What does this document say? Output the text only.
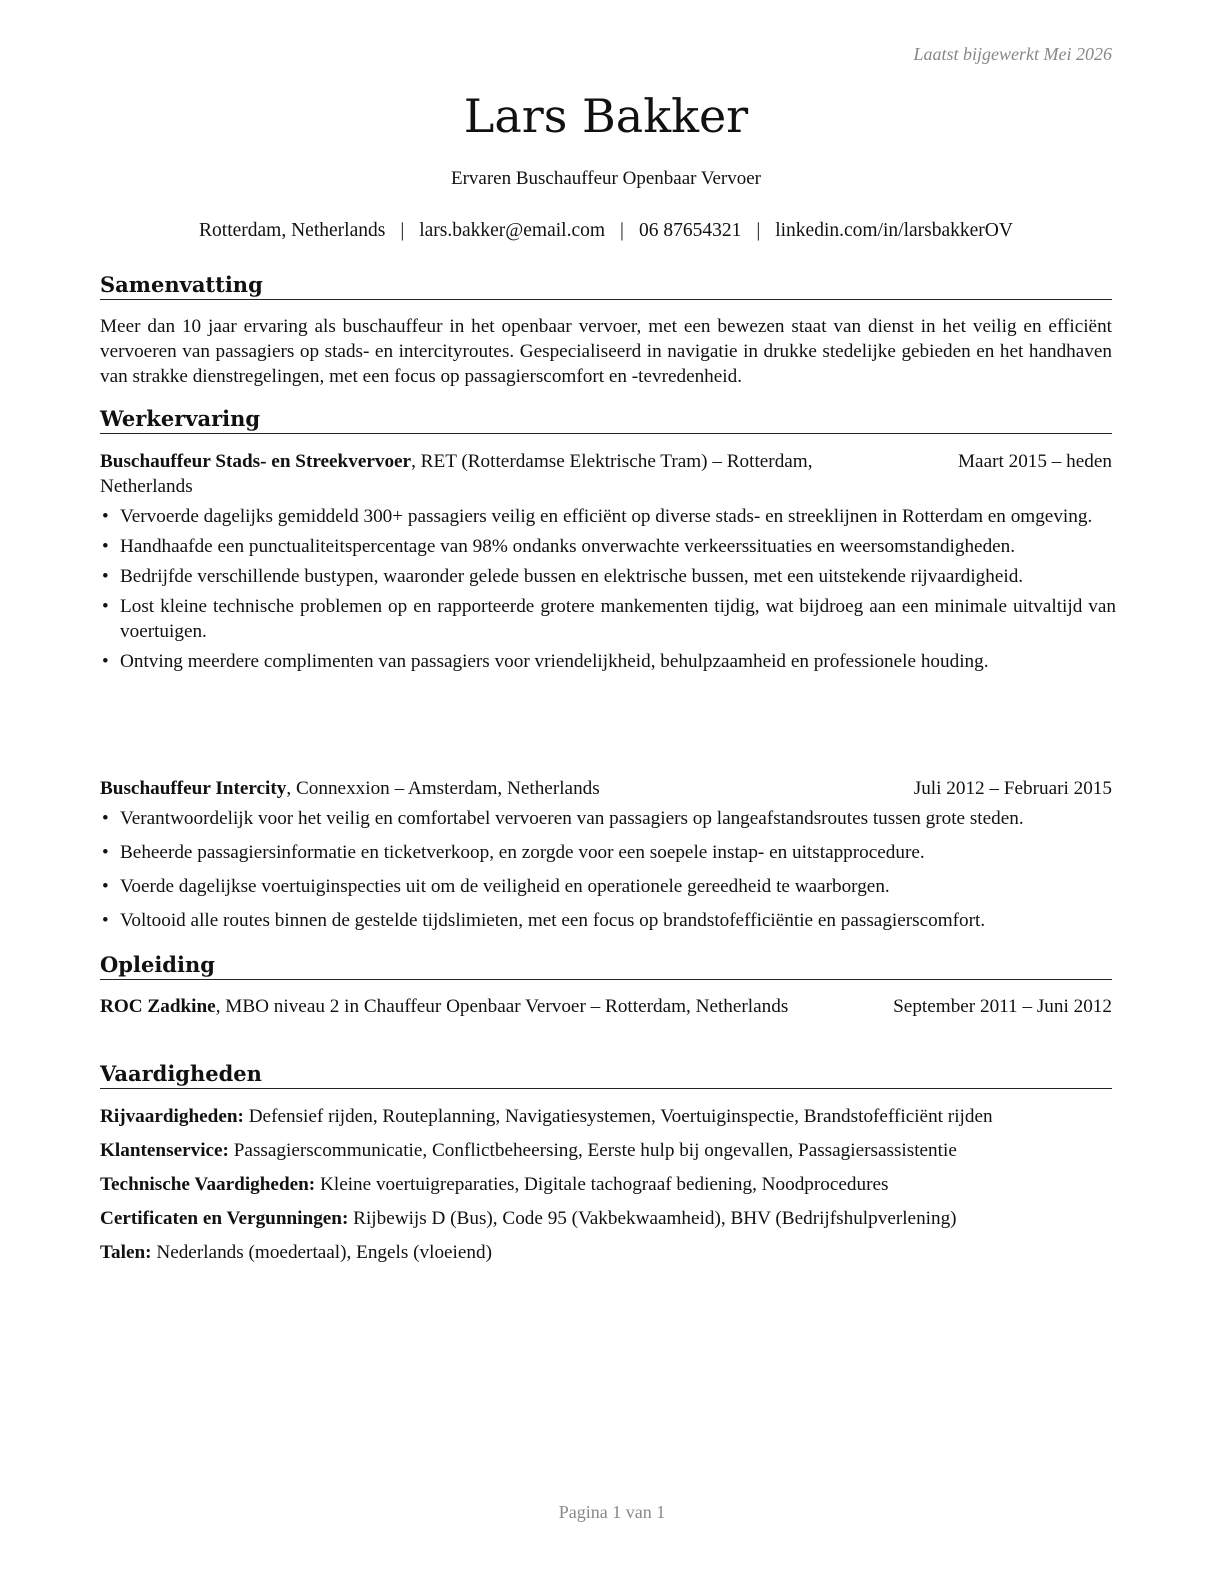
Laatst bijgewerkt Mei 2026
Lars Bakker
Ervaren Buschauffeur Openbaar Vervoer
Rotterdam, Netherlands | lars.bakker@email.com | 06 87654321 | linkedin.com/in/larsbakkerOV
Samenvatting
Meer dan 10 jaar ervaring als buschauffeur in het openbaar vervoer, met een bewezen staat van dienst in het veilig en efficiënt vervoeren van passagiers op stads- en intercityroutes. Gespecialiseerd in navigatie in drukke stedelijke gebieden en het handhaven van strakke dienstregelingen, met een focus op passagierscomfort en -tevredenheid.
Werkervaring
Buschauffeur Stads- en Streekvervoer, RET (Rotterdamse Elektrische Tram) – Rotterdam, Netherlands
Maart 2015 – heden
• Vervoerde dagelijks gemiddeld 300+ passagiers veilig en efficiënt op diverse stads- en streeklijnen in Rotterdam en omgeving.
• Handhaafde een punctualiteitspercentage van 98% ondanks onverwachte verkeerssituaties en weersomstandigheden.
• Bedrijfde verschillende bustypen, waaronder gelede bussen en elektrische bussen, met een uitstekende rijvaardigheid.
• Lost kleine technische problemen op en rapporteerde grotere mankementen tijdig, wat bijdroeg aan een minimale uitvaltijd van voertuigen.
• Ontving meerdere complimenten van passagiers voor vriendelijkheid, behulpzaamheid en professionele houding.
Buschauffeur Intercity, Connexxion – Amsterdam, Netherlands	Juli 2012 – Februari 2015
• Verantwoordelijk voor het veilig en comfortabel vervoeren van passagiers op langeafstandsroutes tussen grote steden.
• Beheerde passagiersinformatie en ticketverkoop, en zorgde voor een soepele instap- en uitstapprocedure.
• Voerde dagelijkse voertuiginspecties uit om de veiligheid en operationele gereedheid te waarborgen.
• Voltooid alle routes binnen de gestelde tijdslimieten, met een focus op brandstofefficiëntie en passagierscomfort.
Opleiding
ROC Zadkine, MBO niveau 2 in Chauffeur Openbaar Vervoer – Rotterdam, Netherlands	September 2011 – Juni 2012
Vaardigheden
Rijvaardigheden: Defensief rijden, Routeplanning, Navigatiesystemen, Voertuiginspectie, Brandstofefficiënt rijden
Klantenservice: Passagierscommunicatie, Conflictbeheersing, Eerste hulp bij ongevallen, Passagiersassistentie
Technische Vaardigheden: Kleine voertuigreparaties, Digitale tachograaf bediening, Noodprocedures
Certificaten en Vergunningen: Rijbewijs D (Bus), Code 95 (Vakbekwaamheid), BHV (Bedrijfshulpverlening)
Talen: Nederlands (moedertaal), Engels (vloeiend)
Pagina 1 van 1
